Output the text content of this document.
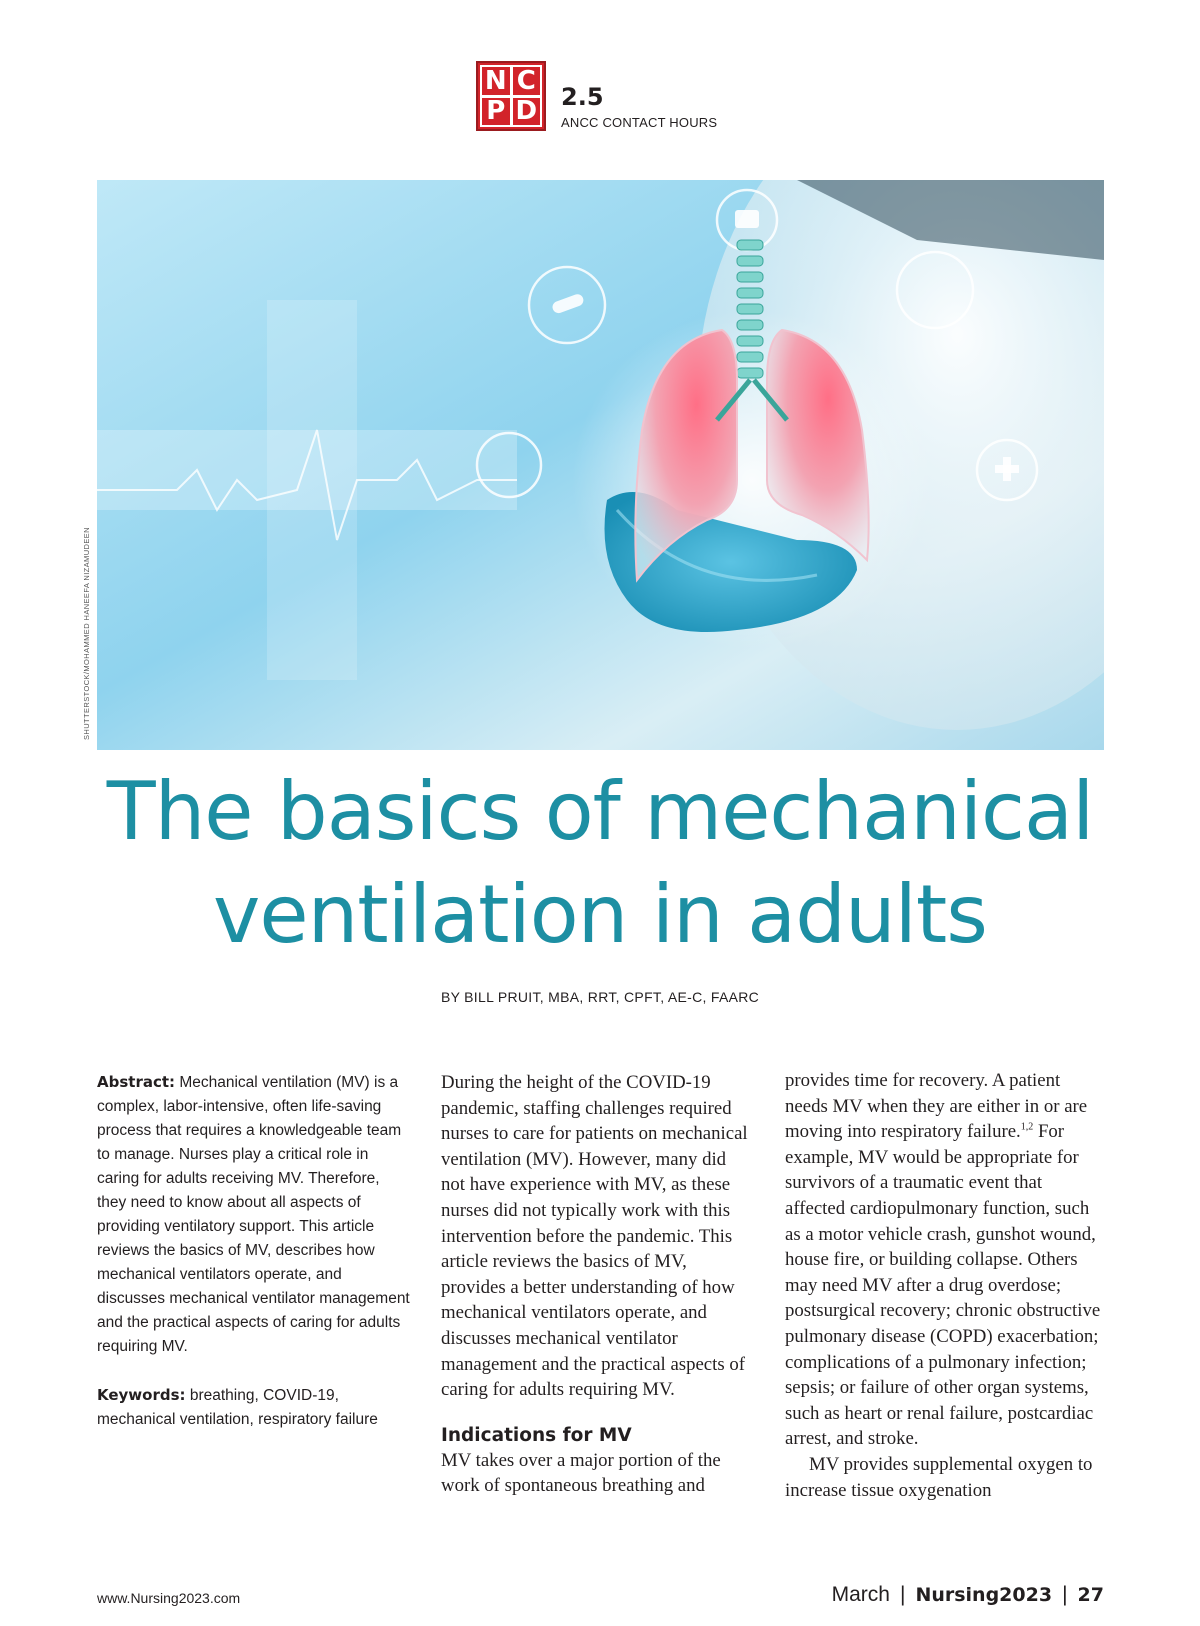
N C
P D 2.5
ANCC CONTACT HOURS
SHUTTERSTOCK/MOHAMMED HANEEFA NIZAMUDEEN
The basics of mechanical
ventilation in adults
BY BILL PRUIT, MBA, RRT, CPFT, AE-C, FAARC

Abstract: Mechanical ventilation (MV) is a complex, labor-intensive, often life-saving process that requires a knowledgeable team to manage. Nurses play a critical role in caring for adults receiving MV. Therefore, they need to know about all aspects of providing ventilatory support. This article reviews the basics of MV, describes how mechanical ventilators operate, and discusses mechanical ventilator management and the practical aspects of caring for adults requiring MV.

Keywords: breathing, COVID-19, mechanical ventilation, respiratory failure

During the height of the COVID-19 pandemic, staffing challenges required nurses to care for patients on mechanical ventilation (MV). However, many did not have experience with MV, as these nurses did not typically work with this intervention before the pandemic. This article reviews the basics of MV, provides a better understanding of how mechanical ventilators operate, and discusses mechanical ventilator management and the practical aspects of caring for adults requiring MV.

Indications for MV

MV takes over a major portion of the work of spontaneous breathing and

provides time for recovery. A patient needs MV when they are either in or are moving into respiratory failure.$^{1,2}$ For example, MV would be appropriate for survivors of a traumatic event that affected cardiopulmonary function, such as a motor vehicle crash, gunshot wound, house fire, or building collapse. Others may need MV after a drug overdose; postsurgical recovery; chronic obstructive pulmonary disease (COPD) exacerbation; complications of a pulmonary infection; sepsis; or failure of other organ systems, such as heart or renal failure, postcardiac arrest, and stroke.

MV provides supplemental oxygen to increase tissue oxygenation

www.Nursing2023.com	March | Nursing2023 | 27
